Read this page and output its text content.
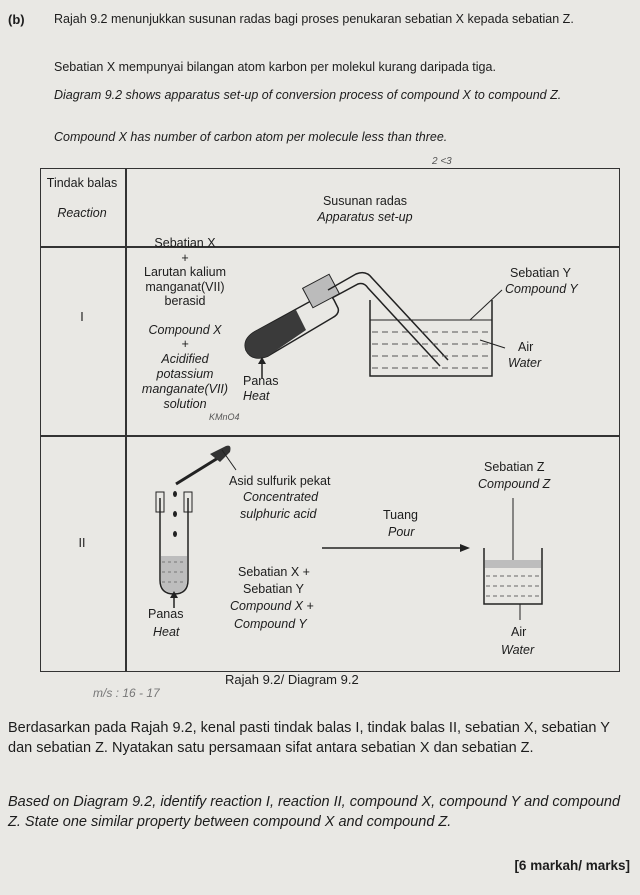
(b) Rajah 9.2 menunjukkan susunan radas bagi proses penukaran sebatian X kepada sebatian Z.
Sebatian X mempunyai bilangan atom karbon per molekul kurang daripada tiga.
Diagram 9.2 shows apparatus set-up of conversion process of compound X to compound Z.
Compound X has number of carbon atom per molecule less than three.
2 <3
Tindak balas
Reaction
Susunan radas
Apparatus set-up
I
Sebatian X
+
Larutan kalium
manganat(VII)
berasid
Compound X
+
Acidified
potassium
manganate(VII)
solution
KMnO4
Panas
Heat
Sebatian Y
Compound Y
Air
Water
II
Asid sulfurik pekat
Concentrated
sulphuric acid	Tuang
Pour
Sebatian X +
Sebatian Y
Compound X +
Compound Y
Panas
Heat
Sebatian Z
Compound Z
Air
Water
Rajah 9.2/ Diagram 9.2
m/s : 16 - 17
Berdasarkan pada Rajah 9.2, kenal pasti tindak balas I, tindak balas II, sebatian X, sebatian Y dan sebatian Z. Nyatakan satu persamaan sifat antara sebatian X dan sebatian Z.
Based on Diagram 9.2, identify reaction I, reaction II, compound X, compound Y and compound Z. State one similar property between compound X and compound Z.
[6 markah/ marks]
